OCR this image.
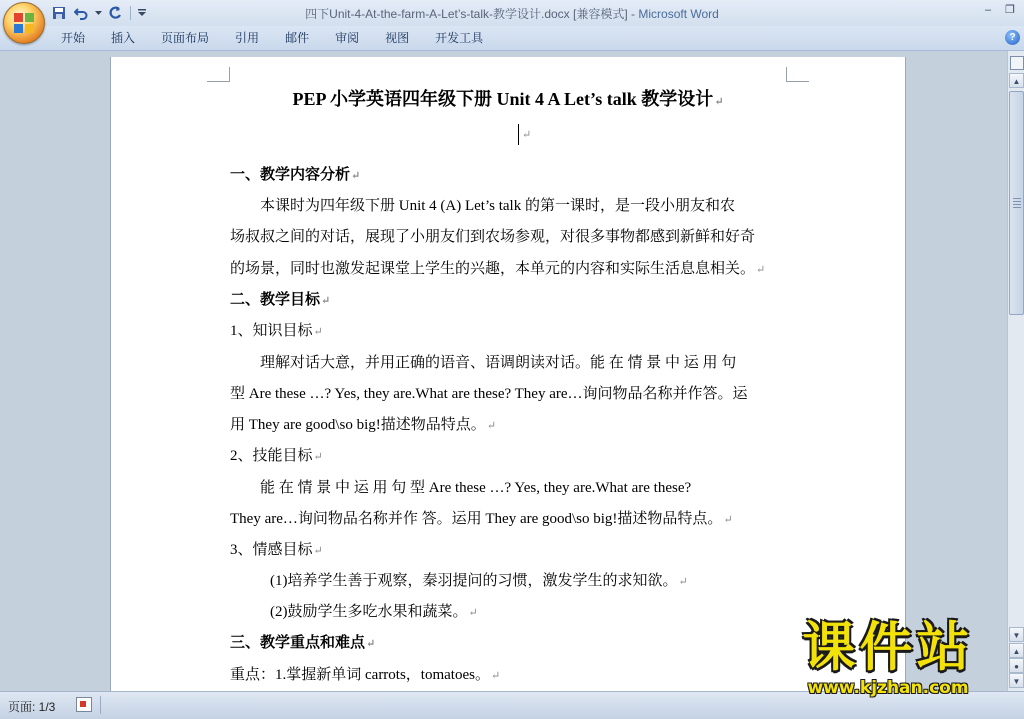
四下Unit-4-At-the-farm-A-Let’s-talk-教学设计.docx [兼容模式] - Microsoft Word	–	❐
开始	插入	页面布局	引用	邮件	审阅	视图	开发工具	?
PEP 小学英语四年级下册 Unit 4 A Let’s talk 教学设计↵
↵
一、教学内容分析↵
本课时为四年级下册 Unit 4 (A) Let’s talk 的第一课时，是一段小朋友和农
场叔叔之间的对话，展现了小朋友们到农场参观，对很多事物都感到新鲜和好奇
的场景，同时也激发起课堂上学生的兴趣，本单元的内容和实际生活息息相关。↵
二、教学目标↵
1、知识目标↵
理解对话大意，并用正确的语音、语调朗读对话。能 在 情 景 中 运 用 句
型 Are these …? Yes, they are.What are these? They are…询问物品名称并作答。运
用 They are good\so big!描述物品特点。↵
2、技能目标↵
能 在 情 景 中 运 用 句 型 Are these …? Yes, they are.What are these?
They are…询问物品名称并作 答。运用 They are good\so big!描述物品特点。↵
3、情感目标↵
(1)培养学生善于观察，秦羽提问的习惯，激发学生的求知欲。↵
(2)鼓励学生多吃水果和蔬菜。↵
三、教学重点和难点↵
重点：1.掌握新单词 carrots，tomatoes。↵
▲
▼
▲
●
▼
页面: 1/3
课件站
www.kjzhan.com
